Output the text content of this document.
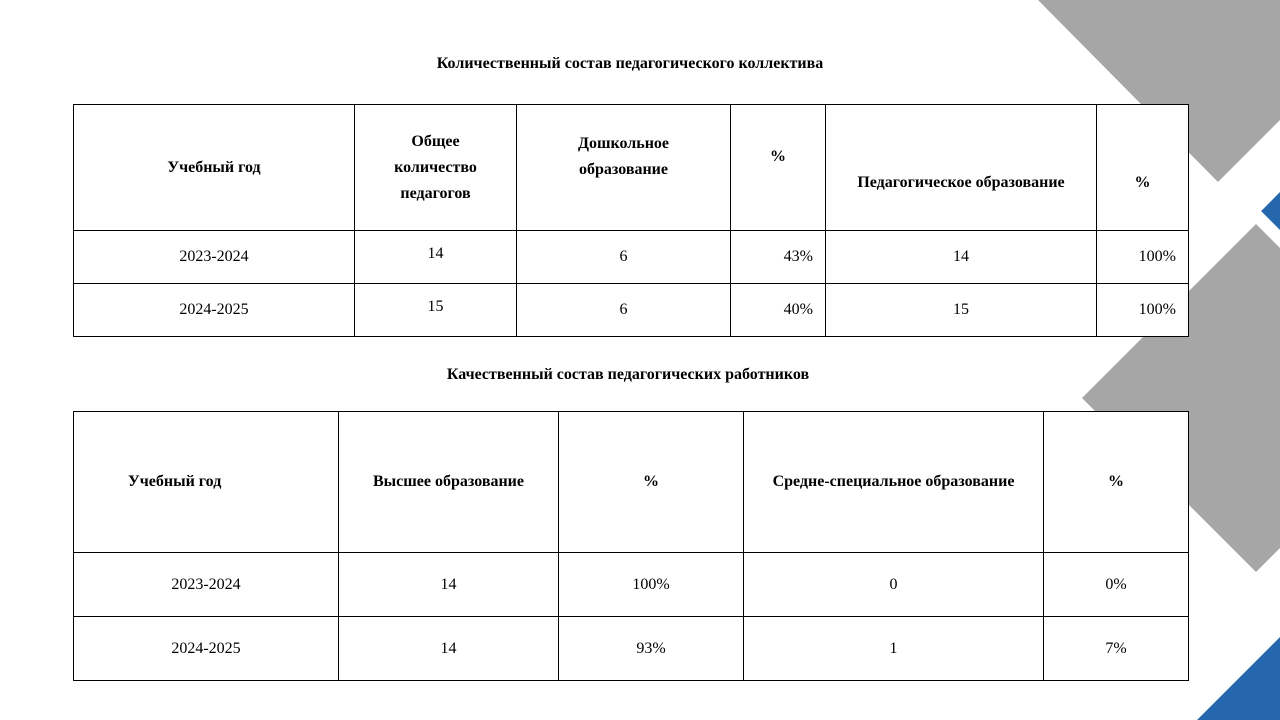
Количественный состав педагогического коллектива
Учебный год	Общее количество педагогов	Дошкольное образование	%	Педагогическое образование	%
2023-2024	14	6	43%	14	100%
2024-2025	15	6	40%	15	100%
Качественный состав педагогических работников
Учебный год	Высшее образование	%	Средне-специальное образование	%
2023-2024	14	100%	0	0%
2024-2025	14	93%	1	7%
